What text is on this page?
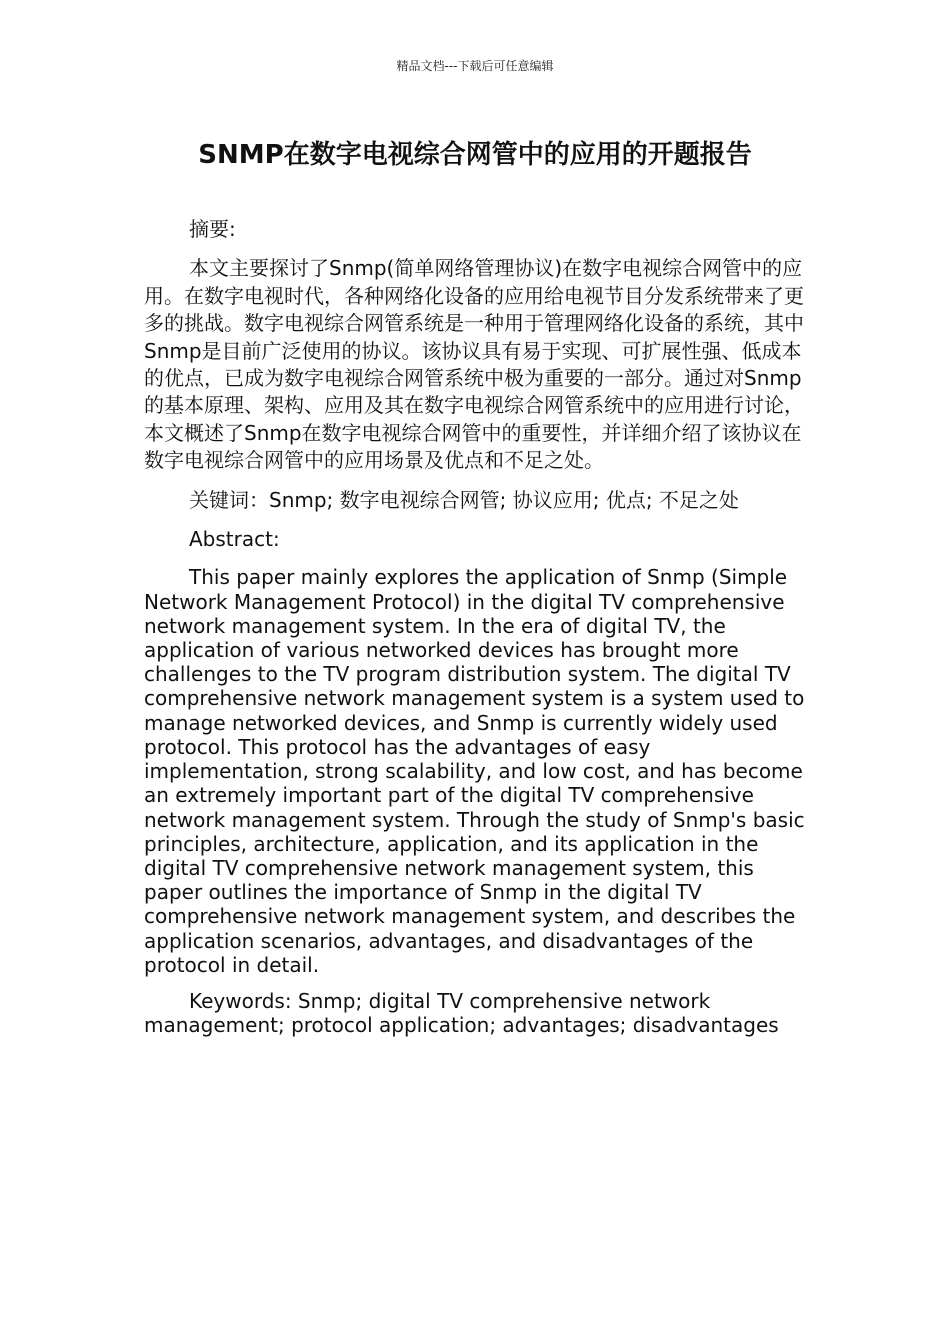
精品文档---下载后可任意编辑
SNMP在数字电视综合网管中的应用的开题报告

摘要:

本文主要探讨了Snmp(简单网络管理协议)在数字电视综合网管中的应用。在数字电视时代，各种网络化设备的应用给电视节目分发系统带来了更多的挑战。数字电视综合网管系统是一种用于管理网络化设备的系统，其中Snmp是目前广泛使用的协议。该协议具有易于实现、可扩展性强、低成本的优点，已成为数字电视综合网管系统中极为重要的一部分。通过对Snmp的基本原理、架构、应用及其在数字电视综合网管系统中的应用进行讨论，本文概述了Snmp在数字电视综合网管中的重要性，并详细介绍了该协议在数字电视综合网管中的应用场景及优点和不足之处。

关键词：Snmp; 数字电视综合网管; 协议应用; 优点; 不足之处

Abstract:

This paper mainly explores the application of Snmp (Simple Network Management Protocol) in the digital TV comprehensive network management system. In the era of digital TV, the application of various networked devices has brought more challenges to the TV program distribution system. The digital TV comprehensive network management system is a system used to manage networked devices, and Snmp is currently widely used protocol. This protocol has the advantages of easy implementation, strong scalability, and low cost, and has become an extremely important part of the digital TV comprehensive network management system. Through the study of Snmp's basic principles, architecture, application, and its application in the digital TV comprehensive network management system, this paper outlines the importance of Snmp in the digital TV comprehensive network management system, and describes the application scenarios, advantages, and disadvantages of the protocol in detail.

Keywords: Snmp; digital TV comprehensive network management; protocol application; advantages; disadvantages
